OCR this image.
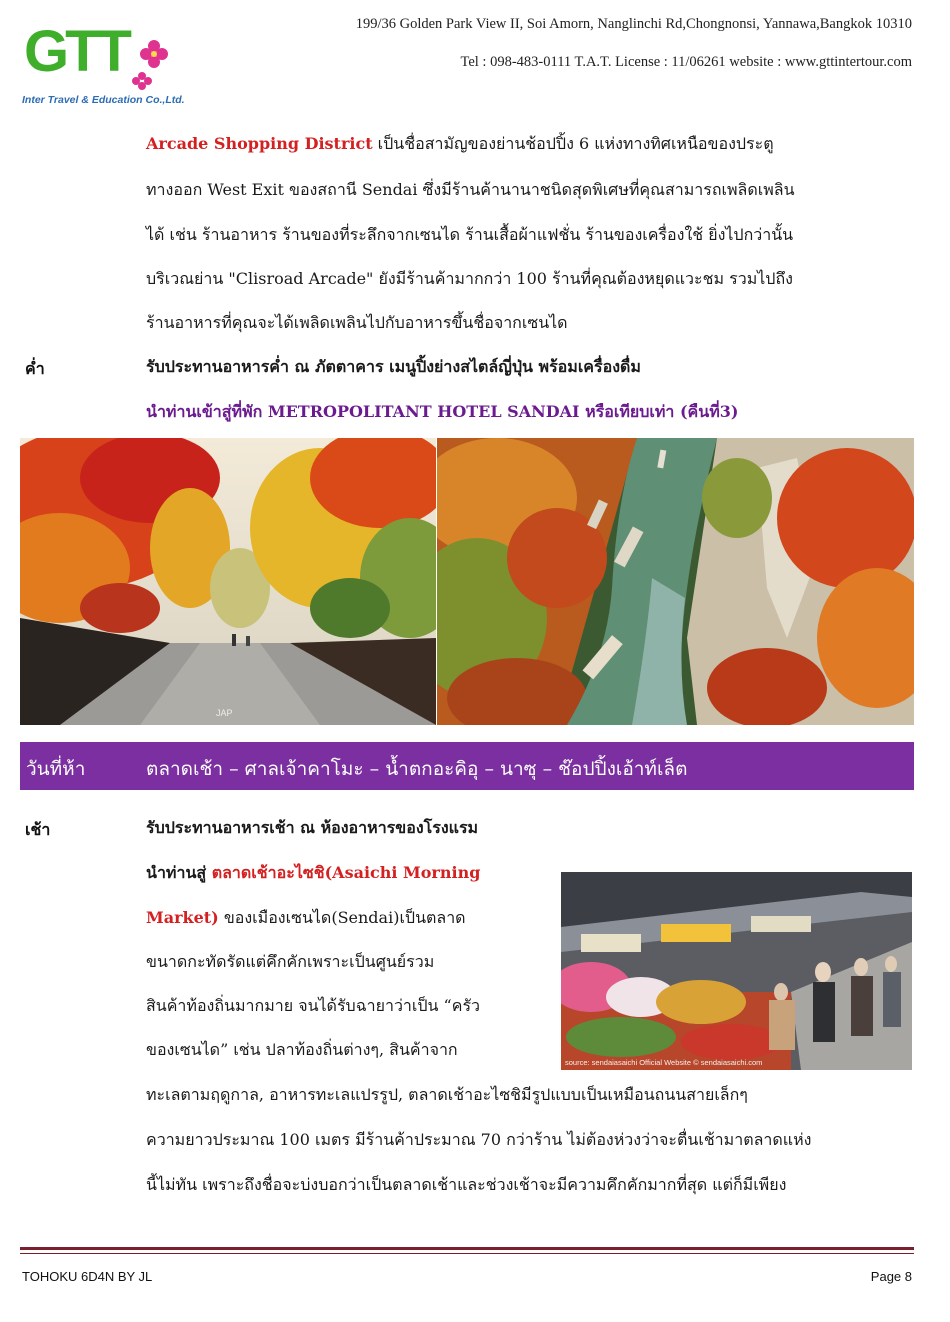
GTT
Inter Travel & Education Co.,Ltd.
199/36 Golden Park View II, Soi Amorn, Nanglinchi Rd,Chongnonsi, Yannawa,Bangkok 10310
Tel : 098-483-0111 T.A.T. License : 11/06261 website : www.gttintertour.com
Arcade Shopping District เป็นชื่อสามัญของย่านช้อปปิ้ง 6 แห่งทางทิศเหนือของประตู
ทางออก West Exit ของสถานี Sendai ซึ่งมีร้านค้านานาชนิดสุดพิเศษที่คุณสามารถเพลิดเพลิน
ได้ เช่น ร้านอาหาร ร้านของที่ระลึกจากเซนได ร้านเสื้อผ้าแฟชั่น ร้านของเครื่องใช้ ยิ่งไปกว่านั้น
บริเวณย่าน "Clisroad Arcade" ยังมีร้านค้ามากกว่า 100 ร้านที่คุณต้องหยุดแวะชม รวมไปถึง
ร้านอาหารที่คุณจะได้เพลิดเพลินไปกับอาหารขึ้นชื่อจากเซนได
ค่ำ	รับประทานอาหารค่ำ ณ ภัตตาคาร เมนูปิ้งย่างสไตล์ญี่ปุ่น พร้อมเครื่องดื่ม
นำท่านเข้าสู่ที่พัก METROPOLITANT HOTEL SANDAI หรือเทียบเท่า (คืนที่3)
JAP
วันที่ห้า	ตลาดเช้า – ศาลเจ้าคาโมะ – น้ำตกอะคิอุ – นาซุ – ช๊อปปิ้งเอ้าท์เล็ต
เช้า	รับประทานอาหารเช้า ณ ห้องอาหารของโรงแรม
นำท่านสู่ ตลาดเช้าอะไซชิ(Asaichi Morning
Market) ของเมืองเซนได(Sendai)เป็นตลาด
ขนาดกะทัดรัดแต่คึกคักเพราะเป็นศูนย์รวม
สินค้าท้องถิ่นมากมาย จนได้รับฉายาว่าเป็น “ครัว
ของเซนได” เช่น ปลาท้องถิ่นต่างๆ, สินค้าจาก
ทะเลตามฤดูกาล, อาหารทะเลแปรรูป, ตลาดเช้าอะไซชิมีรูปแบบเป็นเหมือนถนนสายเล็กๆ
ความยาวประมาณ 100 เมตร มีร้านค้าประมาณ 70 กว่าร้าน ไม่ต้องห่วงว่าจะตื่นเช้ามาตลาดแห่ง
นี้ไม่ทัน เพราะถึงชื่อจะบ่งบอกว่าเป็นตลาดเช้าและช่วงเช้าจะมีความคึกคักมากที่สุด แต่ก็มีเพียง
source: sendaiasaichi Official Website © sendaiasaichi.com
TOHOKU 6D4N BY JL	Page 8
